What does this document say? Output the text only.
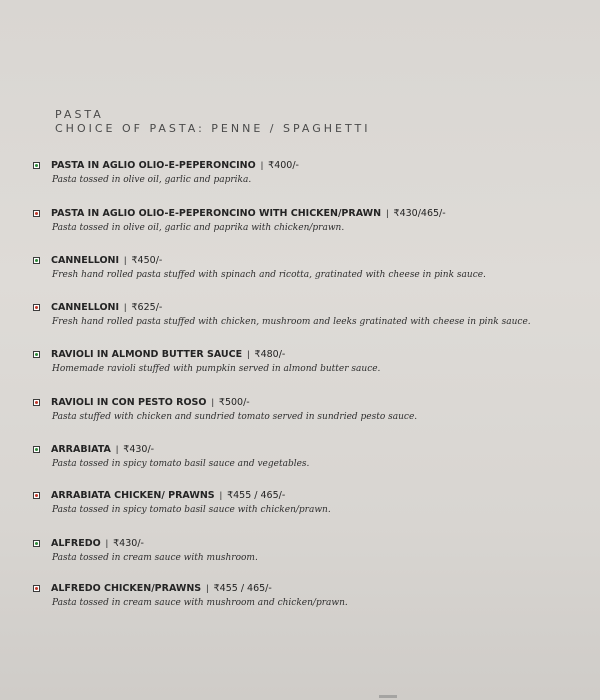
PASTA
CHOICE OF PASTA: PENNE / SPAGHETTI
PASTA IN AGLIO OLIO-E-PEPERONCINO | ₹400/-
Pasta tossed in olive oil, garlic and paprika.
PASTA IN AGLIO OLIO-E-PEPERONCINO WITH CHICKEN/PRAWN | ₹430/465/-
Pasta tossed in olive oil, garlic and paprika with chicken/prawn.
CANNELLONI | ₹450/-
Fresh hand rolled pasta stuffed with spinach and ricotta, gratinated with cheese in pink sauce.
CANNELLONI | ₹625/-
Fresh hand rolled pasta stuffed with chicken, mushroom and leeks gratinated with cheese in pink sauce.
RAVIOLI IN ALMOND BUTTER SAUCE | ₹480/-
Homemade ravioli stuffed with pumpkin served in almond butter sauce.
RAVIOLI IN CON PESTO ROSO | ₹500/-
Pasta stuffed with chicken and sundried tomato served in sundried pesto sauce.
ARRABIATA | ₹430/-
Pasta tossed in spicy tomato basil sauce and vegetables.
ARRABIATA CHICKEN/ PRAWNS | ₹455 / 465/-
Pasta tossed in spicy tomato basil sauce with chicken/prawn.
ALFREDO | ₹430/-
Pasta tossed in cream sauce with mushroom.
ALFREDO CHICKEN/PRAWNS | ₹455 / 465/-
Pasta tossed in cream sauce with mushroom and chicken/prawn.
